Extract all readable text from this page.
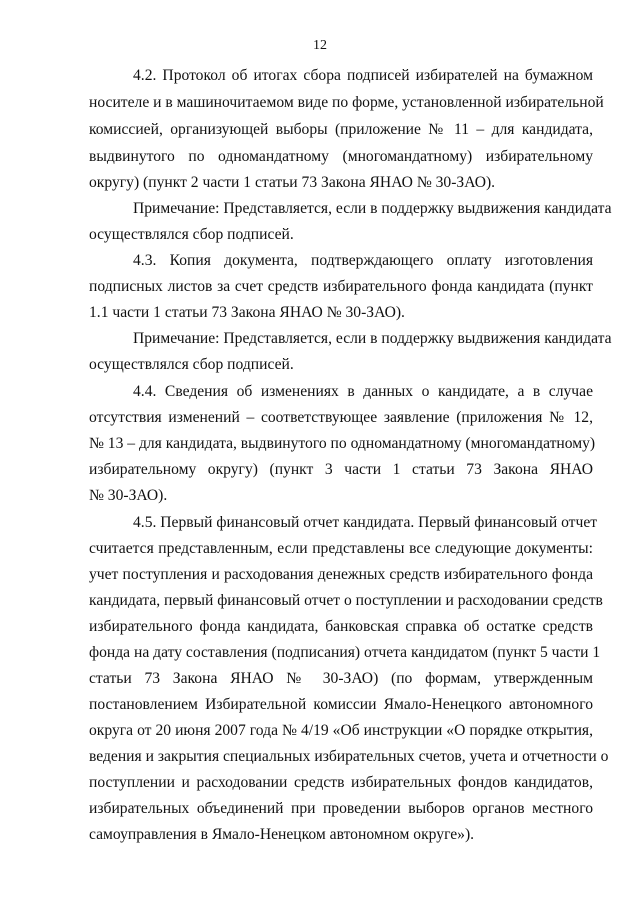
12
4.2. Протокол об итогах сбора подписей избирателей на бумажном
носителе и в машиночитаемом виде по форме, установленной избирательной
комиссией, организующей выборы (приложение № 11 – для кандидата,
выдвинутого по одномандатному (многомандатному) избирательному
округу) (пункт 2 части 1 статьи 73 Закона ЯНАО № 30-ЗАО).
Примечание: Представляется, если в поддержку выдвижения кандидата
осуществлялся сбор подписей.
4.3. Копия документа, подтверждающего оплату изготовления
подписных листов за счет средств избирательного фонда кандидата (пункт
1.1 части 1 статьи 73 Закона ЯНАО № 30-ЗАО).
Примечание: Представляется, если в поддержку выдвижения кандидата
осуществлялся сбор подписей.
4.4. Сведения об изменениях в данных о кандидате, а в случае
отсутствия изменений – соответствующее заявление (приложения № 12,
№ 13 – для кандидата, выдвинутого по одномандатному (многомандатному)
избирательному округу) (пункт 3 части 1 статьи 73 Закона ЯНАО
№ 30-ЗАО).
4.5. Первый финансовый отчет кандидата. Первый финансовый отчет
считается представленным, если представлены все следующие документы:
учет поступления и расходования денежных средств избирательного фонда
кандидата, первый финансовый отчет о поступлении и расходовании средств
избирательного фонда кандидата, банковская справка об остатке средств
фонда на дату составления (подписания) отчета кандидатом (пункт 5 части 1
статьи 73 Закона ЯНАО № 30-ЗАО) (по формам, утвержденным
постановлением Избирательной комиссии Ямало-Ненецкого автономного
округа от 20 июня 2007 года № 4/19 «Об инструкции «О порядке открытия,
ведения и закрытия специальных избирательных счетов, учета и отчетности о
поступлении и расходовании средств избирательных фондов кандидатов,
избирательных объединений при проведении выборов органов местного
самоуправления в Ямало-Ненецком автономном округе»).
